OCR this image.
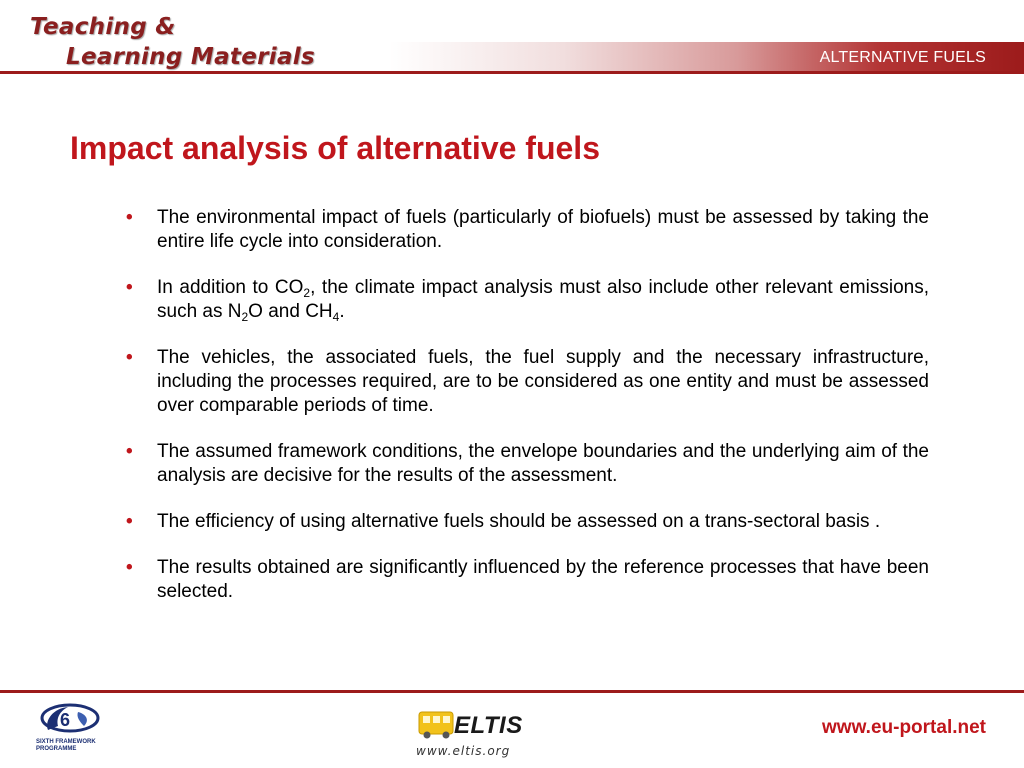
Teaching &
Learning Materials	ALTERNATIVE FUELS
Impact analysis of alternative fuels
• The environmental impact of fuels (particularly of biofuels) must be assessed by taking the entire life cycle into consideration.
• In addition to $CO_2$, the climate impact analysis must also include other relevant emissions, such as $N_2O$ and $CH_4$.
• The vehicles, the associated fuels, the fuel supply and the necessary infrastructure, including the processes required, are to be considered as one entity and must be assessed over comparable periods of time.
• The assumed framework conditions, the envelope boundaries and the underlying aim of the analysis are decisive for the results of the assessment.
• The efficiency of using alternative fuels should be assessed on a trans-sectoral basis .
• The results obtained are significantly influenced by the reference processes that have been selected.
6
SIXTH FRAMEWORK
PROGRAMME
ELTIS
www.eltis.org
www.eu-portal.net
